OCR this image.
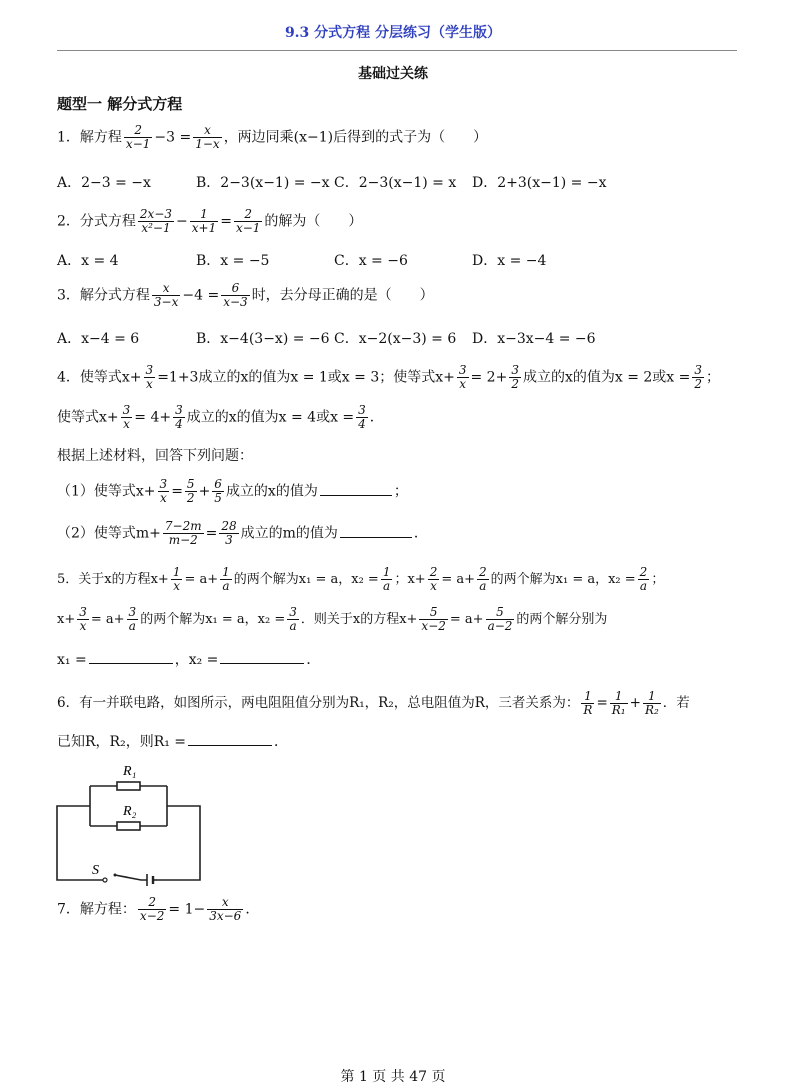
9.3 分式方程 分层练习（学生版）
基础过关练
题型一 解分式方程
1．解方程 $\frac{2}{x-1} -3 = \frac{x}{1-x}$ ，两边同乘(x−1)后得到的式子为（　　）
A．2−3 = −x	B．2−3(x−1) = −x C．2−3(x−1) = x D．2+3(x−1) = −x
2．分式方程 $\frac{2x-3}{\text{x²−1}} - \frac{1}{x+1} = \frac{2}{x-1}$ 的解为（　　）
A．x = 4	B．x = −5	C．x = −6	D．x = −4
3．解分式方程 $\frac{x}{3-x} -4 = \frac{6}{x-3}$ 时，去分母正确的是（　　）
A．x−4 = 6	B．x−4(3−x) = −6 C．x−2(x−3) = 6 D．x−3x−4 = −6
4．使等式$x+ \frac{3}{x} =1+3$成立的x的值为x = 1或x = 3；使等式$x+ \frac{3}{x} = 2+ \frac{3}{2}$ 成立的x的值为x = 2或$x = \frac{3}{2}$ ；
使等式$x+ \frac{3}{x} = 4+ \frac{3}{4}$ 成立的x的值为x = 4或$x = \frac{3}{4}$ ．
根据上述材料，回答下列问题：
（1）使等式$x+ \frac{3}{x} = \frac{5}{2} + \frac{6}{5}$ 成立的x的值为	；
（2）使等式$m+ \frac{7-2m}{m-2} = \frac{28}{3}$ 成立的m的值为	．
5．关于x的方程$x+ \frac{1}{x} = a+ \frac{1}{a}$ 的两个解为x₁ = a，$x_2 = \frac{1}{a}$ ；$x+ \frac{2}{x} = a+ \frac{2}{a}$ 的两个解为x₁ = a，$x_2 = \frac{2}{a}$ ；
$x+ \frac{3}{x} = a+ \frac{3}{a}$ 的两个解为x₁ = a，$x_2 = \frac{3}{a}$ ．则关于x的方程$x+ \frac{5}{x-2} = a+ \frac{5}{a-2}$ 的两个解分别为
x₁ =	，x₂ =	．
6．有一并联电路，如图所示，两电阻阻值分别为R₁，R₂，总电阻值为R，三者关系为： $\frac{1}{R} = \frac{1}{\text{R₁}} + \frac{1}{\text{R₂}}$ ．若
已知R，R₂，则R₁ =	．
R₁
R₂
S
7．解方程： $\frac{2}{x-2} = 1- \frac{x}{3x-6}$ ．
第 1 页 共 47 页
